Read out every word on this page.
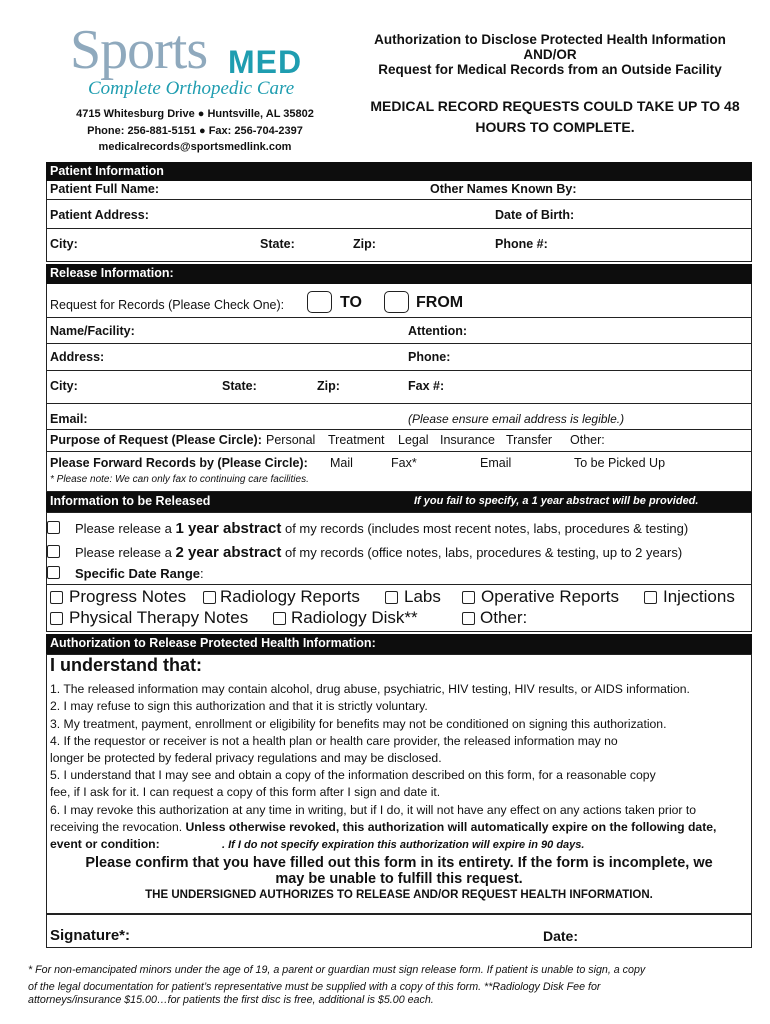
Sports MED
Complete Orthopedic Care
4715 Whitesburg Drive ● Huntsville, AL 35802
Phone: 256-881-5151 ● Fax: 256-704-2397
medicalrecords@sportsmedlink.com
Authorization to Disclose Protected Health Information
AND/OR
Request for Medical Records from an Outside Facility
MEDICAL RECORD REQUESTS COULD TAKE UP TO 48
HOURS TO COMPLETE.
Patient Information
Patient Full Name:	Other Names Known By:
Patient Address:	Date of Birth:
City:	State:	Zip:	Phone #:
Release Information:
Request for Records (Please Check One):	TO	FROM
Name/Facility:	Attention:
Address:	Phone:
City:	State:	Zip:	Fax #:
Email:	(Please ensure email address is legible.)
Purpose of Request (Please Circle): Personal Treatment Legal Insurance Transfer Other:
Please Forward Records by (Please Circle): Mail	Fax*	Email	To be Picked Up
* Please note: We can only fax to continuing care facilities.
Information to be Released	If you fail to specify, a 1 year abstract will be provided.
Please release a 1 year abstract of my records (includes most recent notes, labs, procedures & testing)
Please release a 2 year abstract of my records (office notes, labs, procedures & testing, up to 2 years)
Specific Date Range:
Progress Notes Radiology Reports	Labs Operative Reports	Injections
Physical Therapy Notes	Radiology Disk**	Other:
Authorization to Release Protected Health Information:
I understand that:
1. The released information may contain alcohol, drug abuse, psychiatric, HIV testing, HIV results, or AIDS information.
2. I may refuse to sign this authorization and that it is strictly voluntary.
3. My treatment, payment, enrollment or eligibility for benefits may not be conditioned on signing this authorization.
4. If the requestor or receiver is not a health plan or health care provider, the released information may no
longer be protected by federal privacy regulations and may be disclosed.
5. I understand that I may see and obtain a copy of the information described on this form, for a reasonable copy
fee, if I ask for it. I can request a copy of this form after I sign and date it.
6. I may revoke this authorization at any time in writing, but if I do, it will not have any effect on any actions taken prior to
receiving the revocation. Unless otherwise revoked, this authorization will automatically expire on the following date,
event or condition:	. If I do not specify expiration this authorization will expire in 90 days.
Please confirm that you have filled out this form in its entirety. If the form is incomplete, we
may be unable to fulfill this request.
THE UNDERSIGNED AUTHORIZES TO RELEASE AND/OR REQUEST HEALTH INFORMATION.
Signature*:	Date:
* For non-emancipated minors under the age of 19, a parent or guardian must sign release form. If patient is unable to sign, a copy
of the legal documentation for patient’s representative must be supplied with a copy of this form. **Radiology Disk Fee for
attorneys/insurance $15.00…for patients the first disc is free, additional is $5.00 each.
